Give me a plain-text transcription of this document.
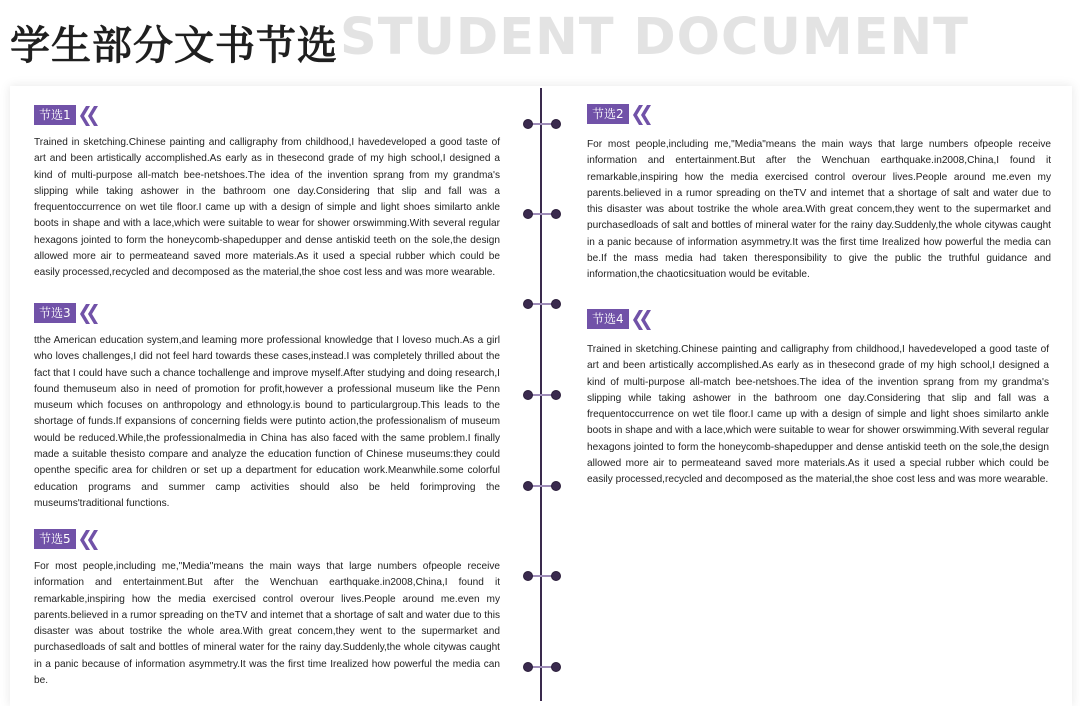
学生部分文书节选 STUDENT DOCUMENT
节选1

Trained in sketching.Chinese painting and calligraphy from childhood,I havedeveloped a good taste of art and been artistically accomplished.As early as in thesecond grade of my high school,I designed a kind of multi-purpose all-match bee-netshoes.The idea of the invention sprang from my grandma's slipping while taking ashower in the bathroom one day.Considering that slip and fall was a frequentoccurrence on wet tile floor.I came up with a design of simple and light shoes similarto ankle boots in shape and with a lace,which were suitable to wear for shower orswimming.With several regular hexagons jointed to form the honeycomb-shapedupper and dense antiskid teeth on the sole,the design allowed more air to permeateand saved more materials.As it used a special rubber which could be easily processed,recycled and decomposed as the material,the shoe cost less and was more wearable.

节选3

tthe American education system,and leaming more professional knowledge that I loveso much.As a girl who loves challenges,I did not feel hard towards these cases,instead.I was completely thrilled about the fact that I could have such a chance tochallenge and improve myself.After studying and doing research,I found themuseum also in need of promotion for profit,however a professional museum like the Penn museum which focuses on anthropology and ethnology.is bound to particulargroup.This leads to the shortage of funds.If expansions of concerning fields were putinto action,the professionalism of museum would be reduced.While,the professionalmedia in China has also faced with the same problem.I finally made a suitable thesisto compare and analyze the education function of Chinese museums:they could openthe specific area for children or set up a department for education work.Meanwhile.some colorful education programs and summer camp activities should also be held forimproving the museums'traditional functions.

节选5

For most people,including me,"Media"means the main ways that large numbers ofpeople receive information and entertainment.But after the Wenchuan earthquake.in2008,China,I found it remarkable,inspiring how the media exercised control overour lives.People around me.even my parents.believed in a rumor spreading on theTV and intemet that a shortage of salt and water due to this disaster was about tostrike the whole area.With great concem,they went to the supermarket and purchasedloads of salt and bottles of mineral water for the rainy day.Suddenly,the whole citywas caught in a panic because of information asymmetry.It was the first time Irealized how powerful the media can be.

节选2

For most people,including me,"Media"means the main ways that large numbers ofpeople receive information and entertainment.But after the Wenchuan earthquake.in2008,China,I found it remarkable,inspiring how the media exercised control overour lives.People around me.even my parents.believed in a rumor spreading on theTV and intemet that a shortage of salt and water due to this disaster was about tostrike the whole area.With great concem,they went to the supermarket and purchasedloads of salt and bottles of mineral water for the rainy day.Suddenly,the whole citywas caught in a panic because of information asymmetry.It was the first time Irealized how powerful the media can be.If the mass media had taken theresponsibility to give the public the truthful guidance and information,the chaoticsituation would be evitable.

节选4

Trained in sketching.Chinese painting and calligraphy from childhood,I havedeveloped a good taste of art and been artistically accomplished.As early as in thesecond grade of my high school,I designed a kind of multi-purpose all-match bee-netshoes.The idea of the invention sprang from my grandma's slipping while taking ashower in the bathroom one day.Considering that slip and fall was a frequentoccurrence on wet tile floor.I came up with a design of simple and light shoes similarto ankle boots in shape and with a lace,which were suitable to wear for shower orswimming.With several regular hexagons jointed to form the honeycomb-shapedupper and dense antiskid teeth on the sole,the design allowed more air to permeateand saved more materials.As it used a special rubber which could be easily processed,recycled and decomposed as the material,the shoe cost less and was more wearable.
